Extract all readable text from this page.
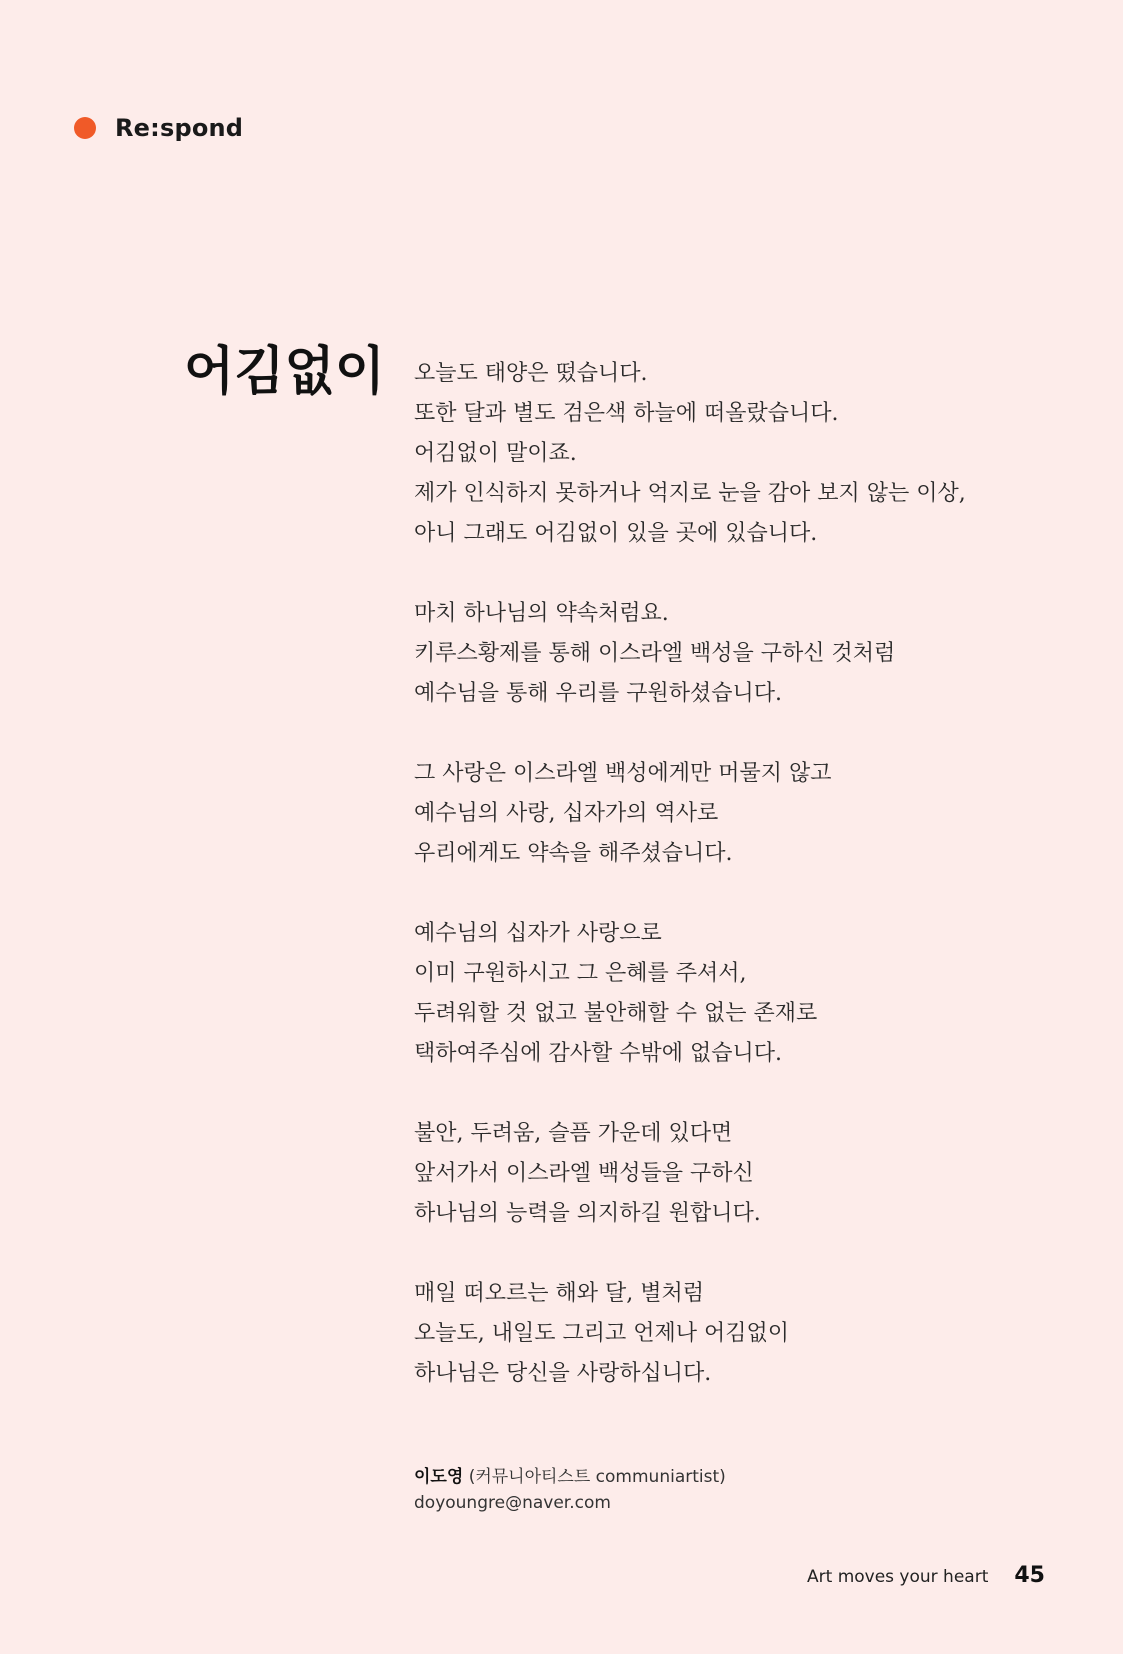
Re:spond
어김없이 오늘도 태양은 떴습니다.
또한 달과 별도 검은색 하늘에 떠올랐습니다.
어김없이 말이죠.
제가 인식하지 못하거나 억지로 눈을 감아 보지 않는 이상,
아니 그래도 어김없이 있을 곳에 있습니다.
마치 하나님의 약속처럼요.
키루스황제를 통해 이스라엘 백성을 구하신 것처럼
예수님을 통해 우리를 구원하셨습니다.
그 사랑은 이스라엘 백성에게만 머물지 않고
예수님의 사랑, 십자가의 역사로
우리에게도 약속을 해주셨습니다.
예수님의 십자가 사랑으로
이미 구원하시고 그 은혜를 주셔서,
두려워할 것 없고 불안해할 수 없는 존재로
택하여주심에 감사할 수밖에 없습니다.
불안, 두려움, 슬픔 가운데 있다면
앞서가서 이스라엘 백성들을 구하신
하나님의 능력을 의지하길 원합니다.
매일 떠오르는 해와 달, 별처럼
오늘도, 내일도 그리고 언제나 어김없이
하나님은 당신을 사랑하십니다.
이도영 (커뮤니아티스트 communiartist)
doyoungre@naver.com
Art moves your heart 45
